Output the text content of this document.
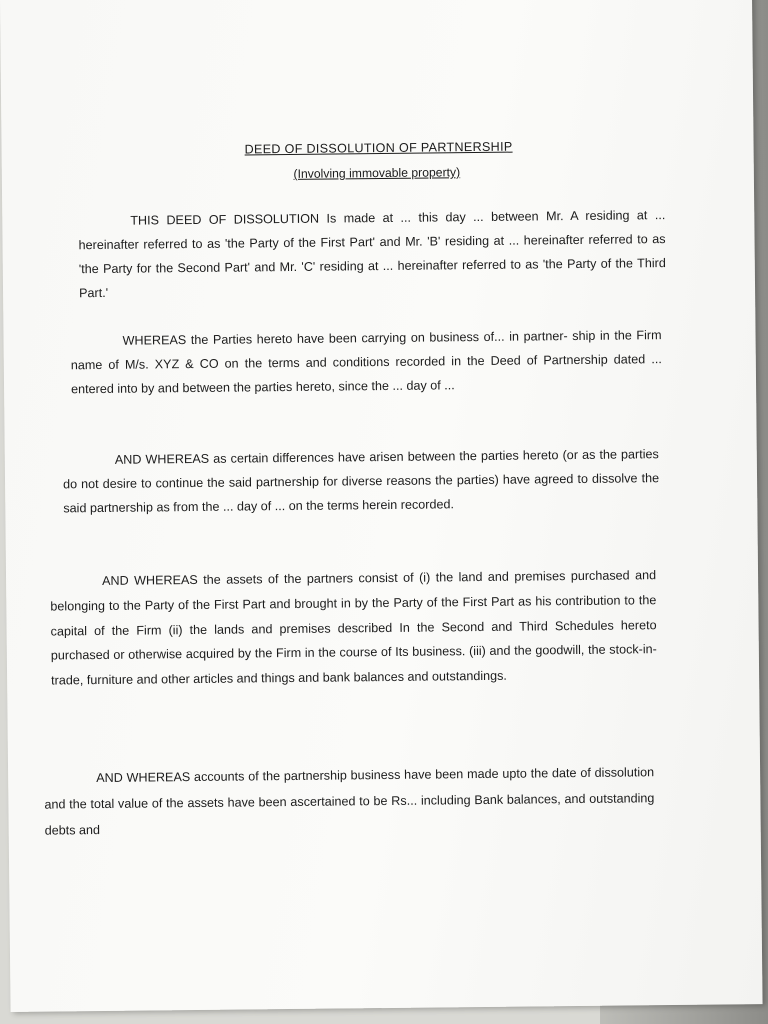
DEED OF DISSOLUTION OF PARTNERSHIP
(Involving immovable property)
THIS DEED OF DISSOLUTION Is made at ... this day ... between Mr. A residing at ... hereinafter referred to as 'the Party of the First Part' and Mr. 'B' residing at ... hereinafter referred to as 'the Party for the Second Part' and Mr. 'C' residing at ... hereinafter referred to as 'the Party of the Third Part.'
WHEREAS the Parties hereto have been carrying on business of... in partner- ship in the Firm name of M/s. XYZ & CO on the terms and conditions recorded in the Deed of Partnership dated ... entered into by and between the parties hereto, since the ... day of ...
AND WHEREAS as certain differences have arisen between the parties hereto (or as the parties do not desire to continue the said partnership for diverse reasons the parties) have agreed to dissolve the said partnership as from the ... day of ... on the terms herein recorded.
AND WHEREAS the assets of the partners consist of (i) the land and premises purchased and belonging to the Party of the First Part and brought in by the Party of the First Part as his contribution to the capital of the Firm (ii) the lands and premises described In the Second and Third Schedules hereto purchased or otherwise acquired by the Firm in the course of Its business. (iii) and the goodwill, the stock-in-trade, furniture and other articles and things and bank balances and outstandings.
AND WHEREAS accounts of the partnership business have been made upto the date of dissolution and the total value of the assets have been ascertained to be Rs... including Bank balances, and outstanding debts and
